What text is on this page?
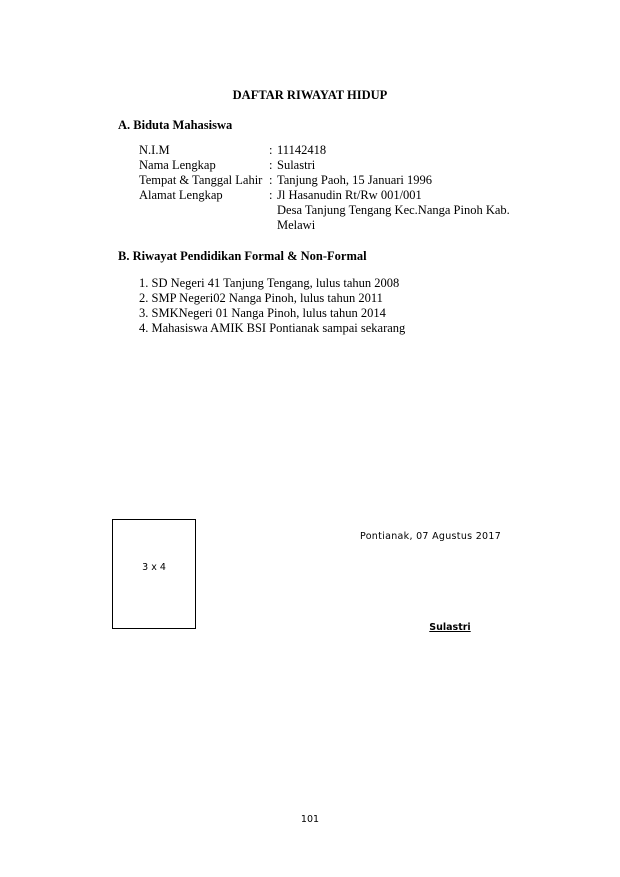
DAFTAR RIWAYAT HIDUP
A. Biduta Mahasiswa
N.I.M	:	11142418
Nama Lengkap	:	Sulastri
Tempat & Tanggal Lahir	:	Tanjung Paoh, 15 Januari 1996
Alamat Lengkap	:	Jl Hasanudin Rt/Rw 001/001
		Desa Tanjung Tengang Kec.Nanga Pinoh Kab.
		Melawi
B. Riwayat Pendidikan Formal & Non-Formal
1. SD Negeri 41 Tanjung Tengang, lulus tahun 2008
2. SMP Negeri02 Nanga Pinoh, lulus tahun 2011
3. SMKNegeri 01 Nanga Pinoh, lulus tahun 2014
4. Mahasiswa AMIK BSI Pontianak sampai sekarang
3 x 4
Pontianak, 07 Agustus 2017
Sulastri
101
